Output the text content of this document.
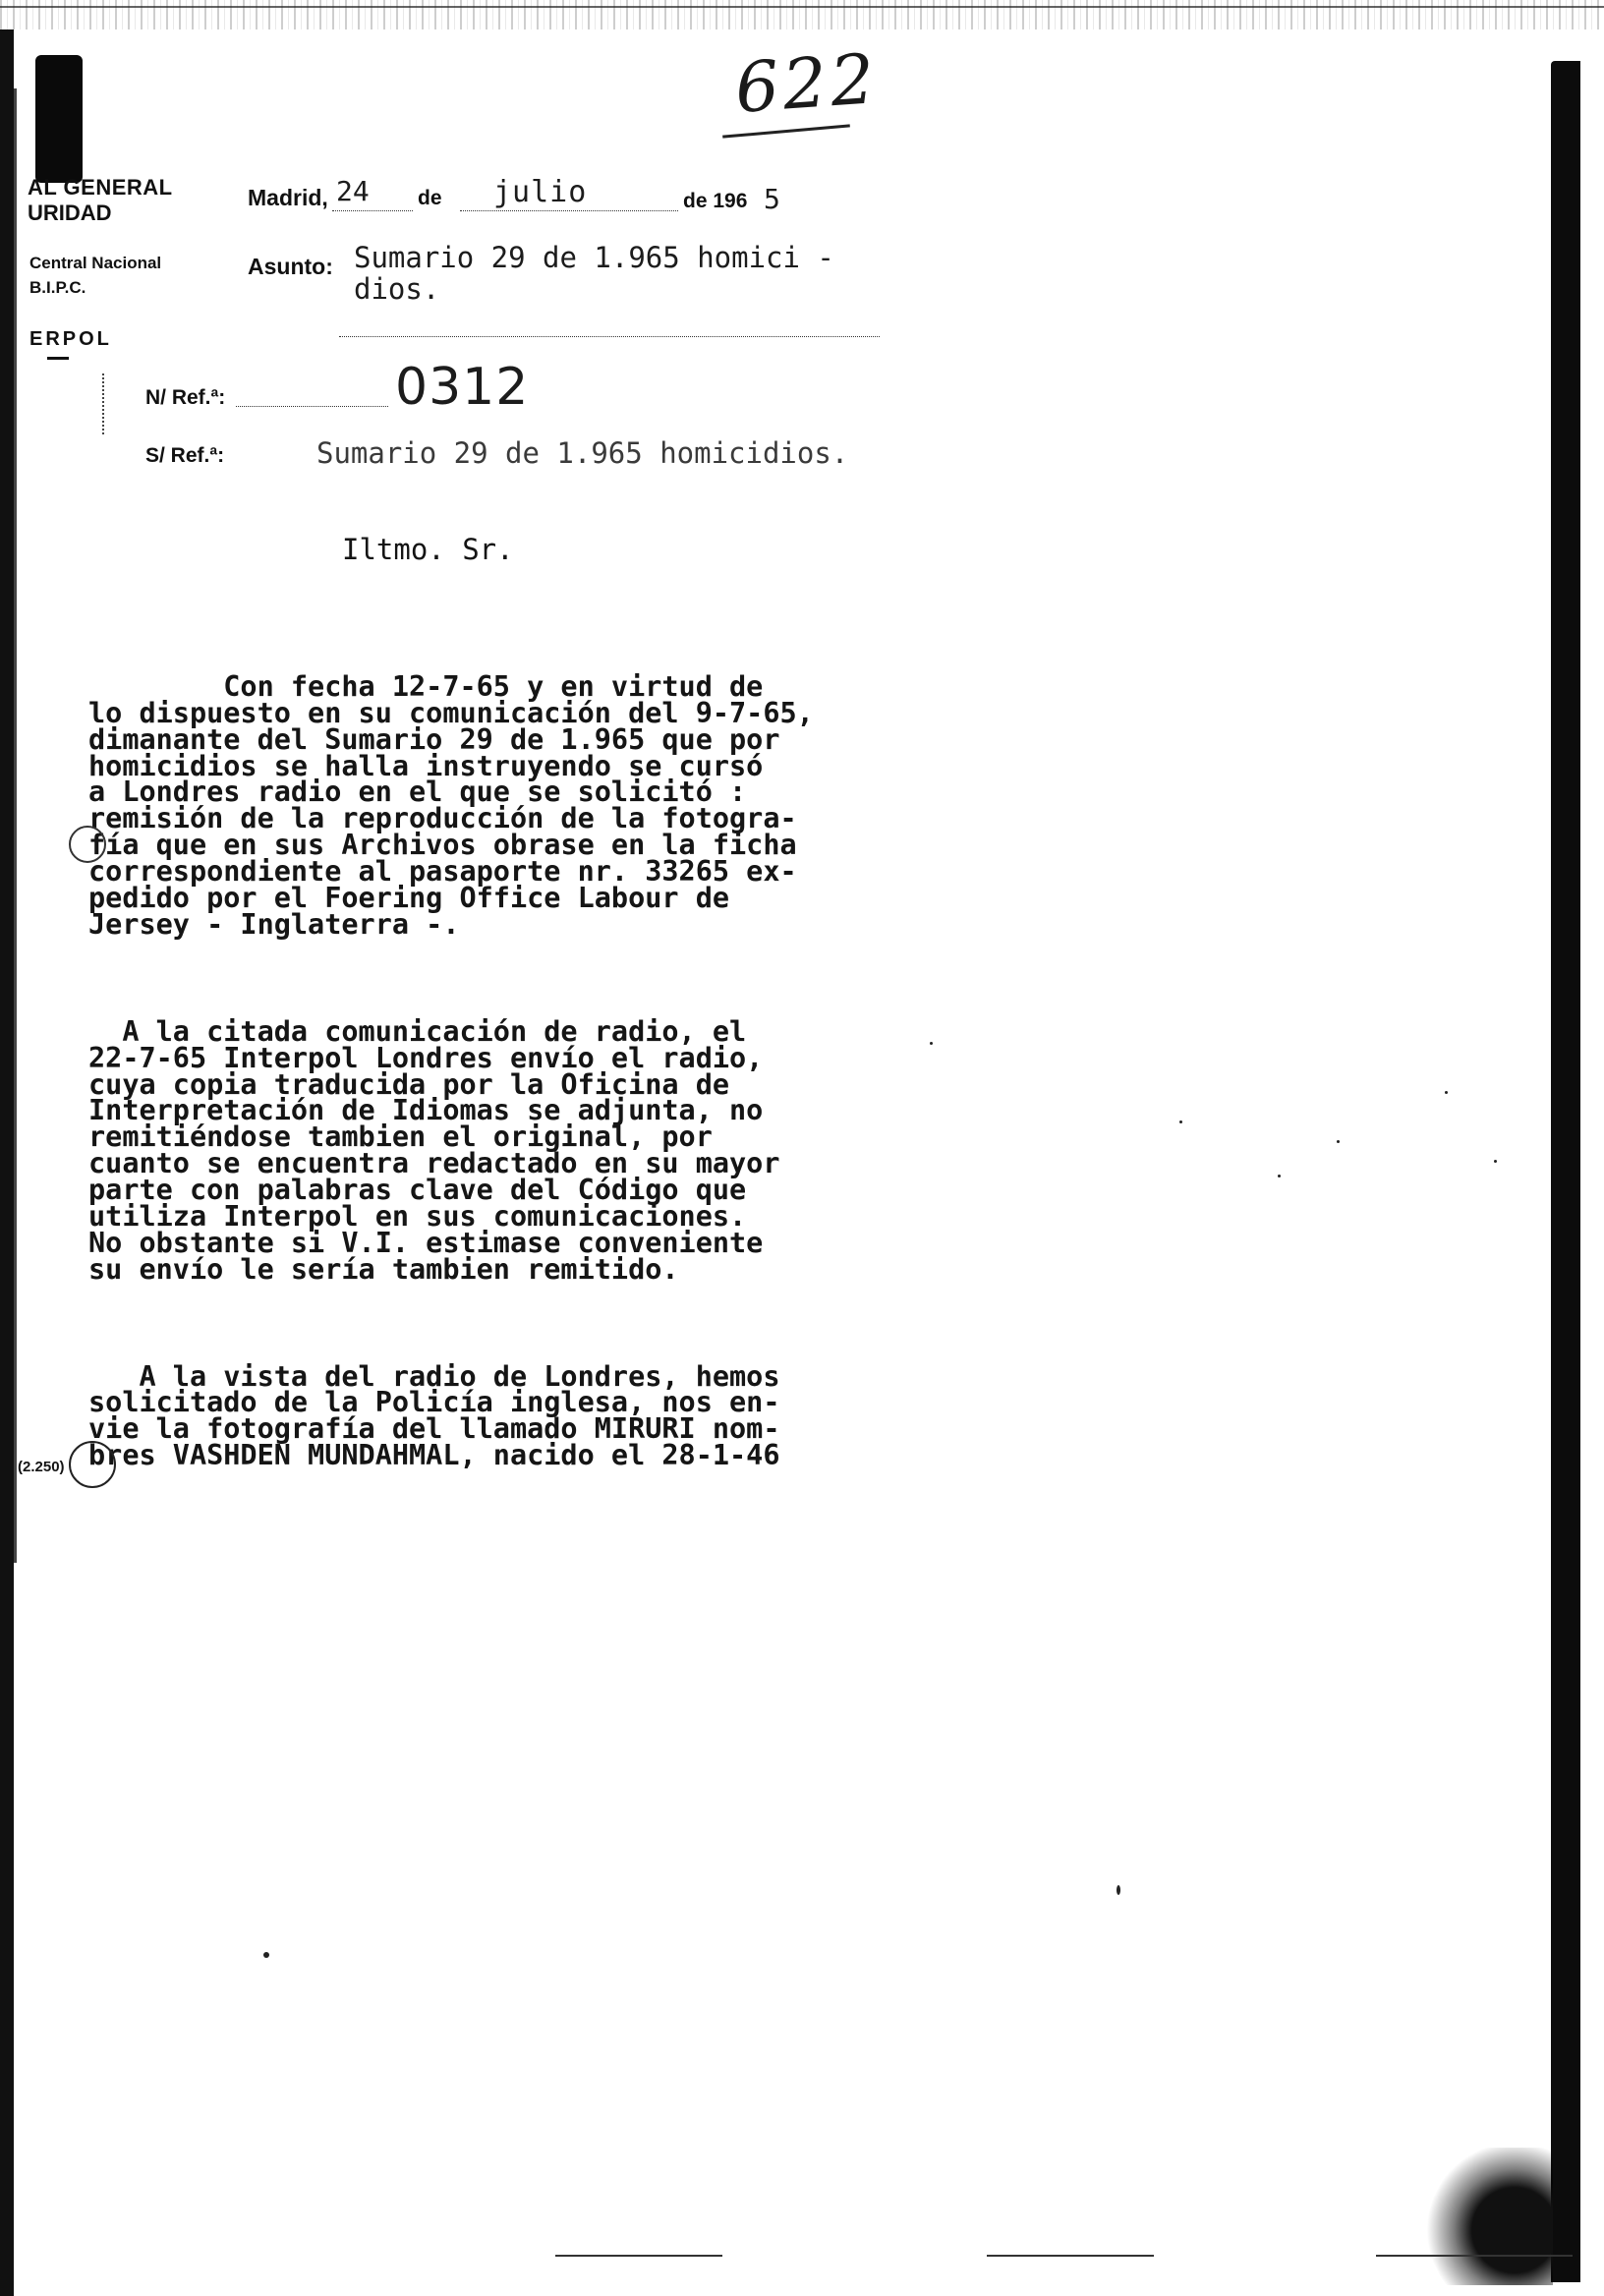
622
AL GENERAL
URIDAD
Central Nacional
B.I.P.C.
ERPOL
Madrid, 24 de julio	de 196 5
Asunto: Sumario 29 de 1.965 homici -
dios.
N/ Ref.ª:	0312
S/ Ref.ª:	Sumario 29 de 1.965 homicidios.
Iltmo. Sr.

Con fecha 12-7-65 y en virtud de
lo dispuesto en su comunicación del 9-7-65,
dimanante del Sumario 29 de 1.965 que por
homicidios se halla instruyendo se cursó
a Londres radio en el que se solicitó :
remisión de la reproducción de la fotogra-
fía que en sus Archivos obrase en la ficha
correspondiente al pasaporte nr. 33265 ex-
pedido por el Foering Office Labour de
Jersey - Inglaterra -.

A la citada comunicación de radio, el
22-7-65 Interpol Londres envío el radio,
cuya copia traducida por la Oficina de
Interpretación de Idiomas se adjunta, no
remitiéndose tambien el original, por
cuanto se encuentra redactado en su mayor
parte con palabras clave del Código que
utiliza Interpol en sus comunicaciones.
No obstante si V.I. estimase conveniente
su envío le sería tambien remitido.

A la vista del radio de Londres, hemos
solicitado de la Policía inglesa, nos en-
vie la fotografía del llamado MIRURI nom-
bres VASHDEN MUNDAHMAL, nacido el 28-1-46

(2.250)
